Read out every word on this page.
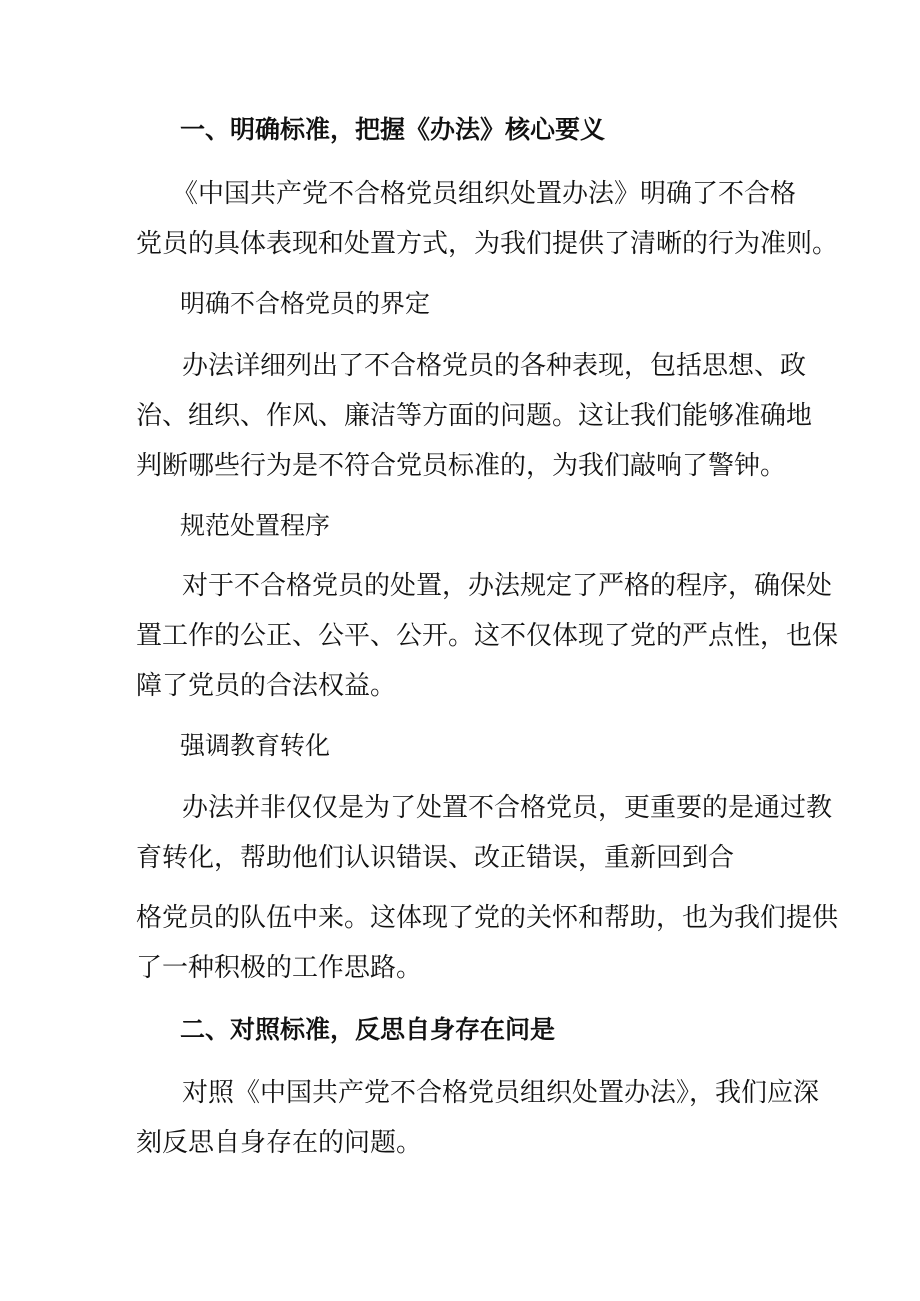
一、明确标准，把握《办法》核心要义
《中国共产党不合格党员组织处置办法》明确了不合格
党员的具体表现和处置方式，为我们提供了清晰的行为准则。
明确不合格党员的界定
办法详细列出了不合格党员的各种表现，包括思想、政
治、组织、作风、廉洁等方面的问题。这让我们能够准确地
判断哪些行为是不符合党员标准的，为我们敲响了警钟。
规范处置程序
对于不合格党员的处置，办法规定了严格的程序，确保处
置工作的公正、公平、公开。这不仅体现了党的严点性，也保
障了党员的合法权益。
强调教育转化
办法并非仅仅是为了处置不合格党员，更重要的是通过教
育转化，帮助他们认识错误、改正错误，重新回到合
格党员的队伍中来。这体现了党的关怀和帮助，也为我们提供
了一种积极的工作思路。
二、对照标准，反思自身存在问是
对照《中国共产党不合格党员组织处置办法》，我们应深
刻反思自身存在的问题。
